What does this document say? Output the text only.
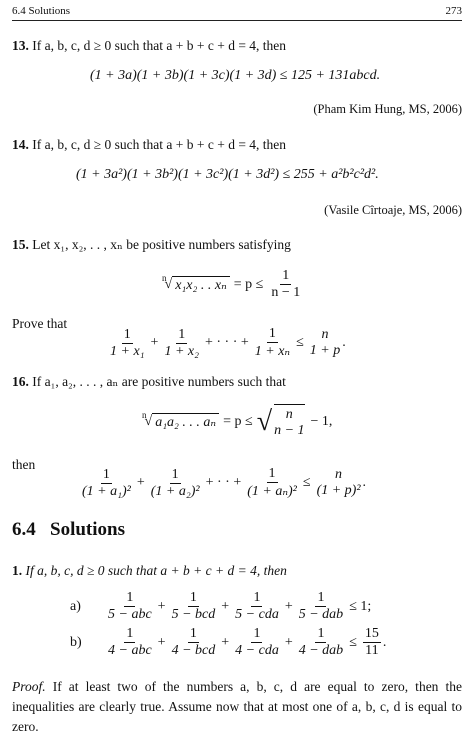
6.4 Solutions	273
13. If a, b, c, d ≥ 0 such that a + b + c + d = 4, then
(1 + 3a)(1 + 3b)(1 + 3c)(1 + 3d) ≤ 125 + 131abcd.
(Pham Kim Hung, MS, 2006)
14. If a, b, c, d ≥ 0 such that a + b + c + d = 4, then
(1 + 3a²)(1 + 3b²)(1 + 3c²)(1 + 3d²) ≤ 255 + a²b²c²d².
(Vasile Cîrtoaje, MS, 2006)
15. Let x₁, x₂, . . , xₙ be positive numbers satisfying
n
√ x₁x₂ . . $x_n = p \le \frac{1}{n - 1}$
Prove that
1
1 + x₁
+ $\frac{1}{\text{1 + x₂}}$ + · · · + $\frac{1}{\text{1 + xₙ}}$ ≤
n
1 + p
.
16. If a₁, a₂, . . . , aₙ are positive numbers such that
n
√ a₁a₂ . . . aₙ = p ≤ √ n
n − 1
− 1,
then
1
(1 + a₁)²
+ $\frac{1}{\text{(1 + a₂)²}}$ + · · + $\frac{1}{\text{(1 + aₙ)²}}$ ≤
n
(1 + p)²
.
6.4 Solutions
1. If a, b, c, d ≥ 0 such that a + b + c + d = 4, then
a)
1
5 − abc
+
1
5 − bcd
+
1
5 − cda
+
1
5 − dab
≤ 1;
b)
1
4 − abc
+
1
4 − bcd
+
1
4 − cda
+
1
4 − dab
≤ $\frac{15}{11}$ .
Proof. If at least two of the numbers a, b, c, d are equal to zero, then the inequalities are clearly true. Assume now that at most one of a, b, c, d is equal to zero.
